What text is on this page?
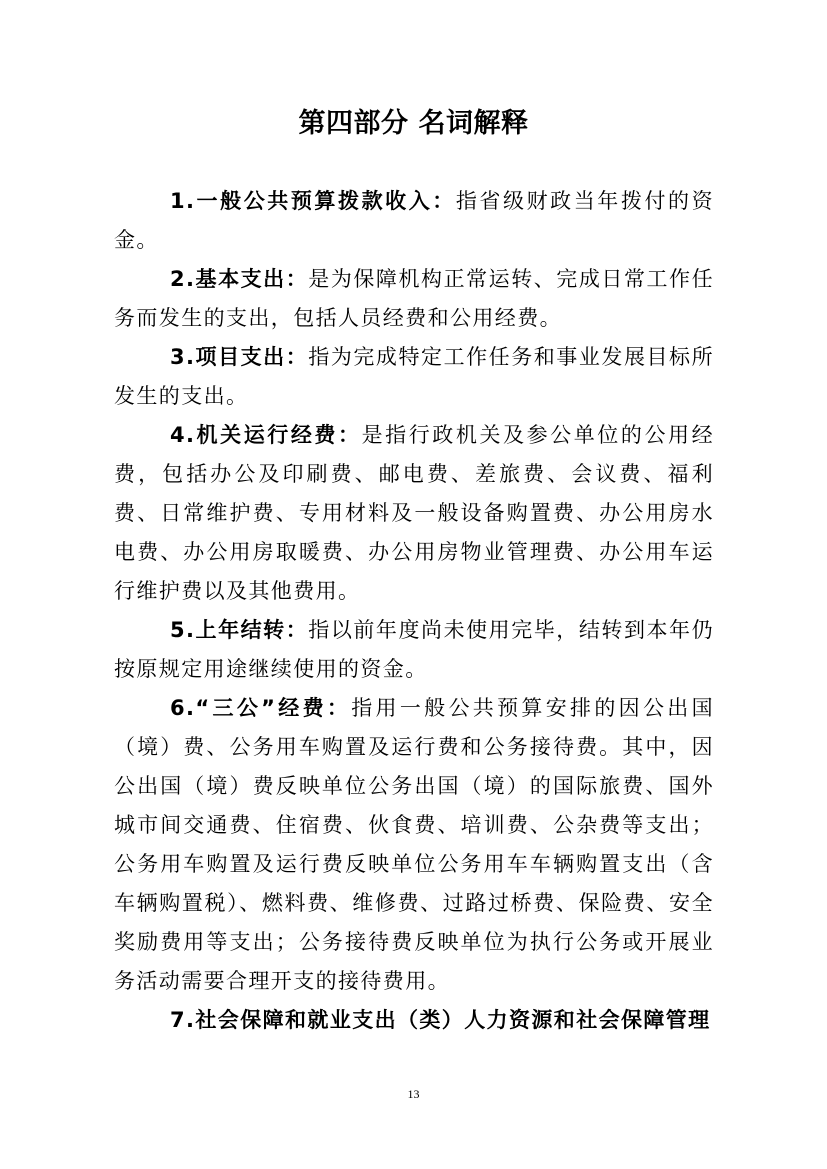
第四部分 名词解释

1.一般公共预算拨款收入：指省级财政当年拨付的资金。

2.基本支出：是为保障机构正常运转、完成日常工作任务而发生的支出，包括人员经费和公用经费。

3.项目支出：指为完成特定工作任务和事业发展目标所发生的支出。

4.机关运行经费：是指行政机关及参公单位的公用经费，包括办公及印刷费、邮电费、差旅费、会议费、福利费、日常维护费、专用材料及一般设备购置费、办公用房水电费、办公用房取暖费、办公用房物业管理费、办公用车运行维护费以及其他费用。

5.上年结转：指以前年度尚未使用完毕，结转到本年仍按原规定用途继续使用的资金。

6.“三公”经费：指用一般公共预算安排的因公出国（境）费、公务用车购置及运行费和公务接待费。其中，因公出国（境）费反映单位公务出国（境）的国际旅费、国外城市间交通费、住宿费、伙食费、培训费、公杂费等支出；公务用车购置及运行费反映单位公务用车车辆购置支出（含车辆购置税）、燃料费、维修费、过路过桥费、保险费、安全奖励费用等支出；公务接待费反映单位为执行公务或开展业务活动需要合理开支的接待费用。

7.社会保障和就业支出（类）人力资源和社会保障管理

13
